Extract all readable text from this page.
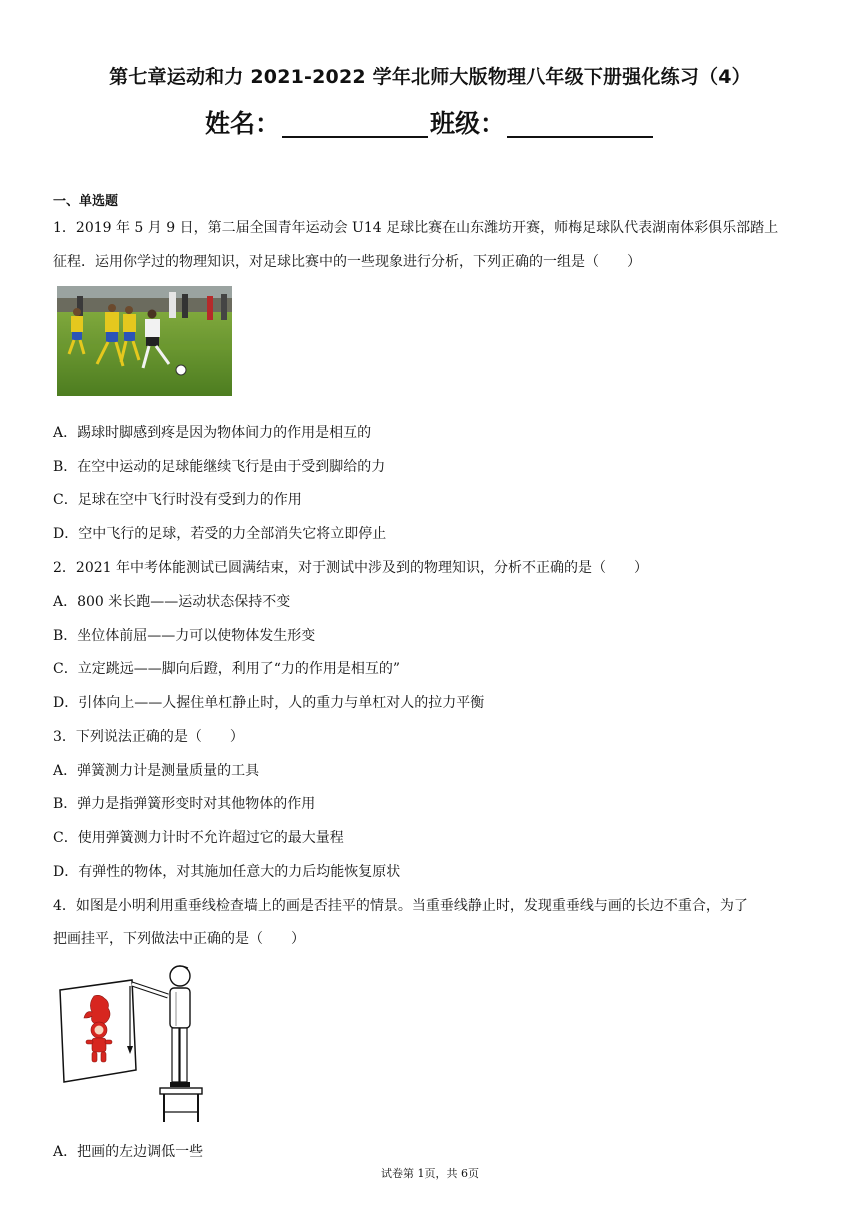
第七章运动和力 2021-2022 学年北师大版物理八年级下册强化练习（4）
姓名：	班级：
一、单选题
1．2019 年 5 月 9 日，第二届全国青年运动会 U14 足球比赛在山东潍坊开赛，师梅足球队代表湖南体彩俱乐部踏上
征程．运用你学过的物理知识，对足球比赛中的一些现象进行分析，下列正确的一组是（　　）
A．踢球时脚感到疼是因为物体间力的作用是相互的
B．在空中运动的足球能继续飞行是由于受到脚给的力
C．足球在空中飞行时没有受到力的作用
D．空中飞行的足球，若受的力全部消失它将立即停止
2．2021 年中考体能测试已圆满结束，对于测试中涉及到的物理知识，分析不正确的是（　　）
A．800 米长跑——运动状态保持不变
B．坐位体前屈——力可以使物体发生形变
C．立定跳远——脚向后蹬，利用了“力的作用是相互的”
D．引体向上——人握住单杠静止时，人的重力与单杠对人的拉力平衡
3．下列说法正确的是（　　）
A．弹簧测力计是测量质量的工具
B．弹力是指弹簧形变时对其他物体的作用
C．使用弹簧测力计时不允许超过它的最大量程
D．有弹性的物体，对其施加任意大的力后均能恢复原状
4．如图是小明利用重垂线检查墙上的画是否挂平的情景。当重垂线静止时，发现重垂线与画的长边不重合，为了
把画挂平，下列做法中正确的是（　　）
A．把画的左边调低一些
试卷第 1页，共 6页
